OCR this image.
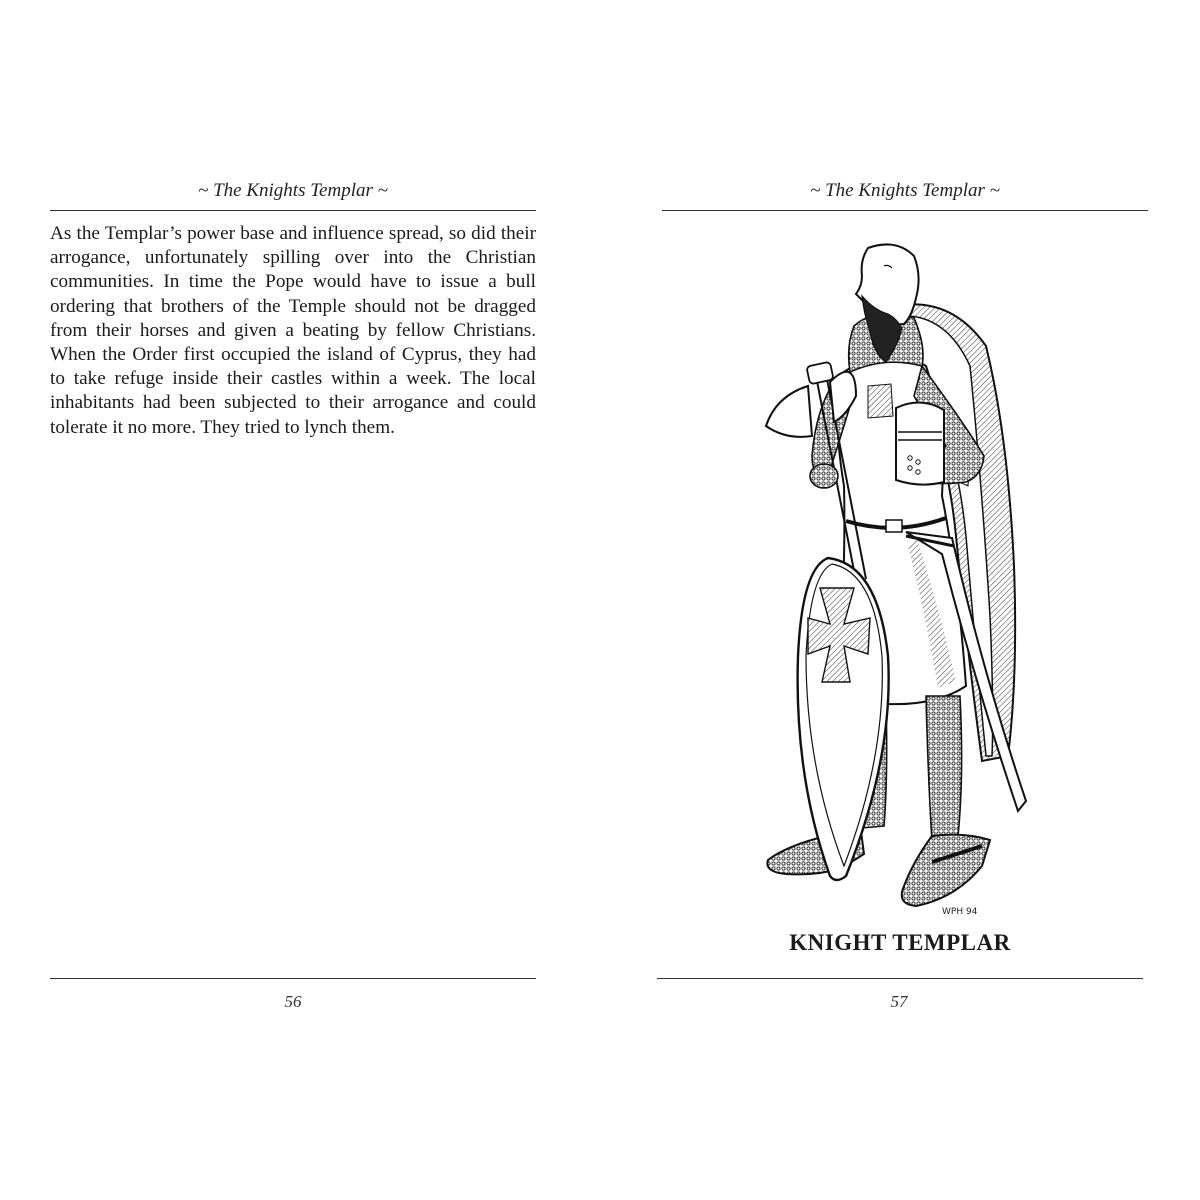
~ The Knights Templar ~

As the Templar’s power base and influence spread, so did their arrogance, unfortunately spilling over into the Christian communities. In time the Pope would have to issue a bull ordering that brothers of the Temple should not be dragged from their horses and given a beating by fellow Christians. When the Order first occupied the island of Cyprus, they had to take refuge inside their castles within a week. The local inhabitants had been subjected to their arrogance and could tolerate it no more. They tried to lynch them.

56
~ The Knights Templar ~
WPH 94
KNIGHT TEMPLAR
57
